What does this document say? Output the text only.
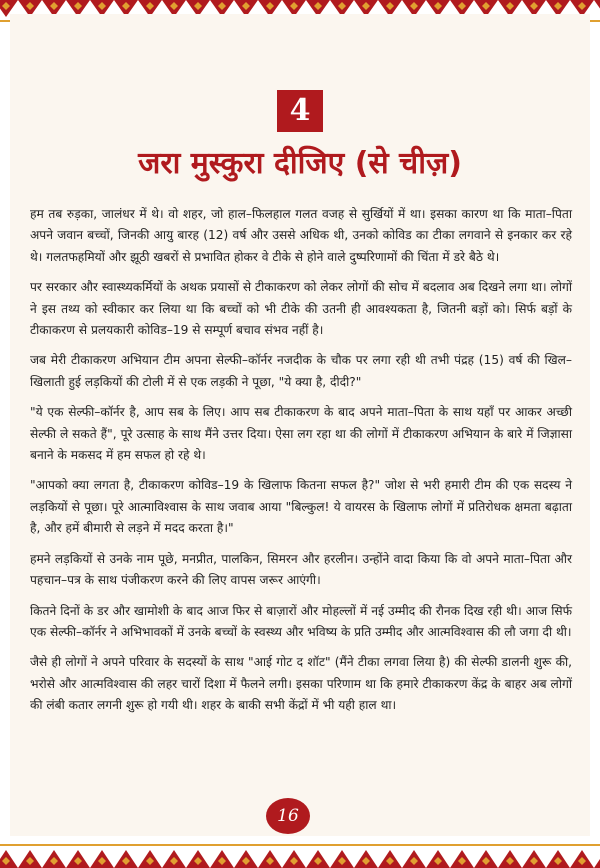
4
जरा मुस्कुरा दीजिए (से चीज़)

हम तब रुड़का, जालंधर में थे। वो शहर, जो हाल–फिलहाल गलत वजह से सुर्खियों में था। इसका कारण था कि माता–पिता अपने जवान बच्चों, जिनकी आयु बारह (12) वर्ष और उससे अधिक थी, उनको कोविड का टीका लगवाने से इनकार कर रहे थे। गलतफहमियों और झूठी खबरों से प्रभावित होकर वे टीके से होने वाले दुष्परिणामों की चिंता में डरे बैठे थे।

पर सरकार और स्वास्थ्यकर्मियों के अथक प्रयासों से टीकाकरण को लेकर लोगों की सोच में बदलाव अब दिखने लगा था। लोगों ने इस तथ्य को स्वीकार कर लिया था कि बच्चों को भी टीके की उतनी ही आवश्यकता है, जितनी बड़ों को। सिर्फ बड़ों के टीकाकरण से प्रलयकारी कोविड–19 से सम्पूर्ण बचाव संभव नहीं है।

जब मेरी टीकाकरण अभियान टीम अपना सेल्फी–कॉर्नर नजदीक के चौक पर लगा रही थी तभी पंद्रह (15) वर्ष की खिल–खिलाती हुई लड़कियों की टोली में से एक लड़की ने पूछा, "ये क्या है, दीदी?"

"ये एक सेल्फी–कॉर्नर है, आप सब के लिए। आप सब टीकाकरण के बाद अपने माता–पिता के साथ यहाँ पर आकर अच्छी सेल्फी ले सकते हैं", पूरे उत्साह के साथ मैंने उत्तर दिया। ऐसा लग रहा था की लोगों में टीकाकरण अभियान के बारे में जिज्ञासा बनाने के मकसद में हम सफल हो रहे थे।

"आपको क्या लगता है, टीकाकरण कोविड–19 के खिलाफ कितना सफल है?" जोश से भरी हमारी टीम की एक सदस्य ने लड़कियों से पूछा। पूरे आत्माविश्वास के साथ जवाब आया "बिल्कुल! ये वायरस के खिलाफ लोगों में प्रतिरोधक क्षमता बढ़ाता है, और हमें बीमारी से लड़ने में मदद करता है।"

हमने लड़कियों से उनके नाम पूछे, मनप्रीत, पालकिन, सिमरन और हरलीन। उन्होंने वादा किया कि वो अपने माता–पिता और पहचान–पत्र के साथ पंजीकरण करने की लिए वापस जरूर आएंगी।

कितने दिनों के डर और खामोशी के बाद आज फिर से बाज़ारों और मोहल्लों में नई उम्मीद की रौनक दिख रही थी। आज सिर्फ एक सेल्फी–कॉर्नर ने अभिभावकों में उनके बच्चों के स्वस्थ्य और भविष्य के प्रति उम्मीद और आत्मविश्वास की लौ जगा दी थी।

जैसे ही लोगों ने अपने परिवार के सदस्यों के साथ "आई गोट द शॉट" (मैंने टीका लगवा लिया है) की सेल्फी डालनी शुरू की, भरोसे और आत्मविश्वास की लहर चारों दिशा में फैलने लगी। इसका परिणाम था कि हमारे टीकाकरण केंद्र के बाहर अब लोगों की लंबी कतार लगनी शुरू हो गयी थी। शहर के बाकी सभी केंद्रों में भी यही हाल था।

16
